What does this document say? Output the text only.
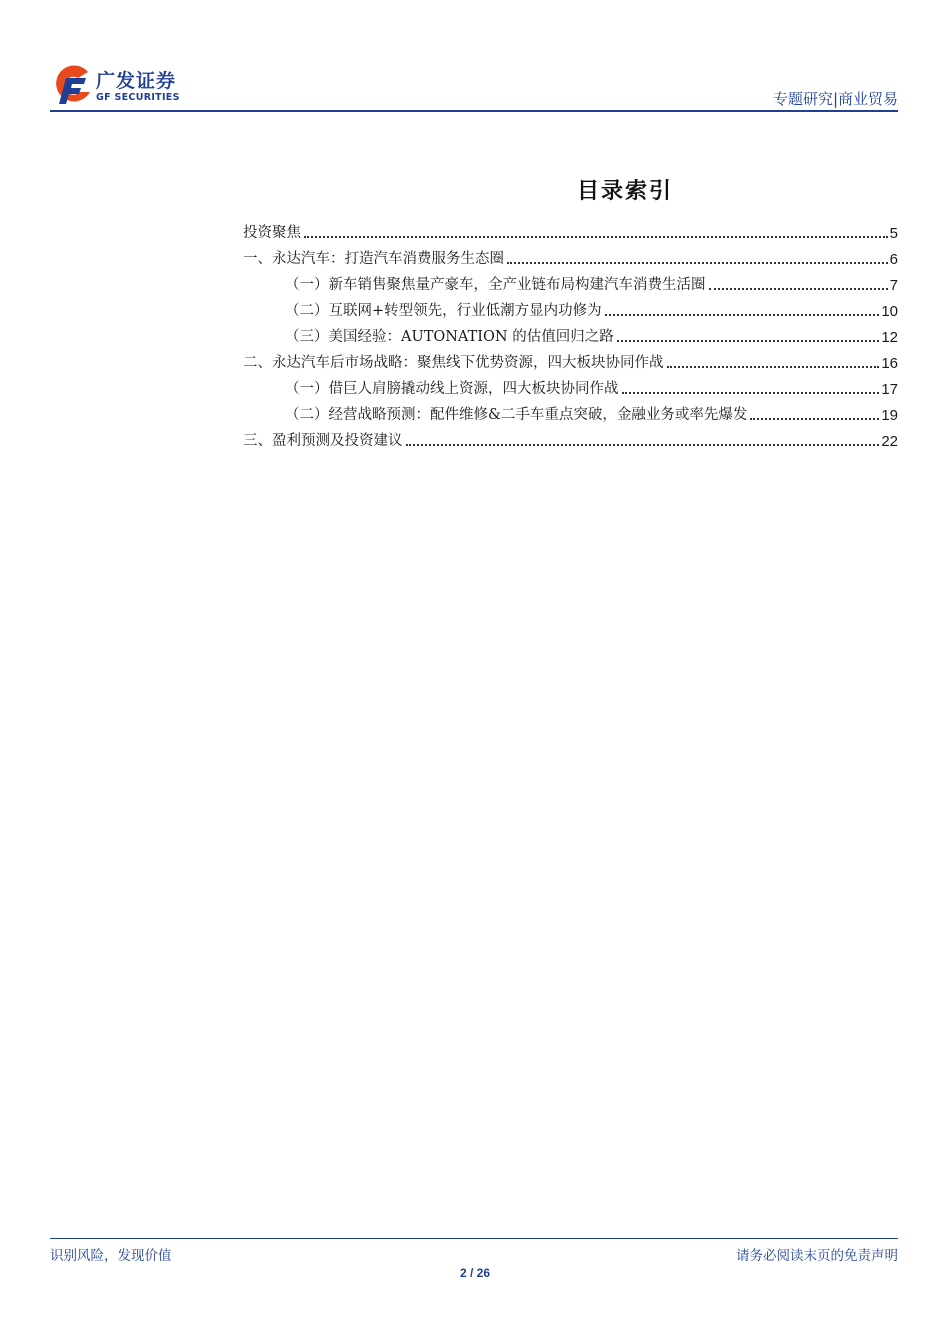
广发证券
GF SECURITIES	专题研究|商业贸易
目录索引
投资聚焦	5
一、永达汽车：打造汽车消费服务生态圈	6
（一）新车销售聚焦量产豪车，全产业链布局构建汽车消费生活圈	7
（二）互联网+转型领先，行业低潮方显内功修为	10
（三）美国经验：AUTONATION 的估值回归之路	12
二、永达汽车后市场战略：聚焦线下优势资源，四大板块协同作战	16
（一）借巨人肩膀撬动线上资源，四大板块协同作战	17
（二）经营战略预测：配件维修&二手车重点突破，金融业务或率先爆发	19
三、盈利预测及投资建议	22
识别风险，发现价值	请务必阅读末页的免责声明
2 / 26
